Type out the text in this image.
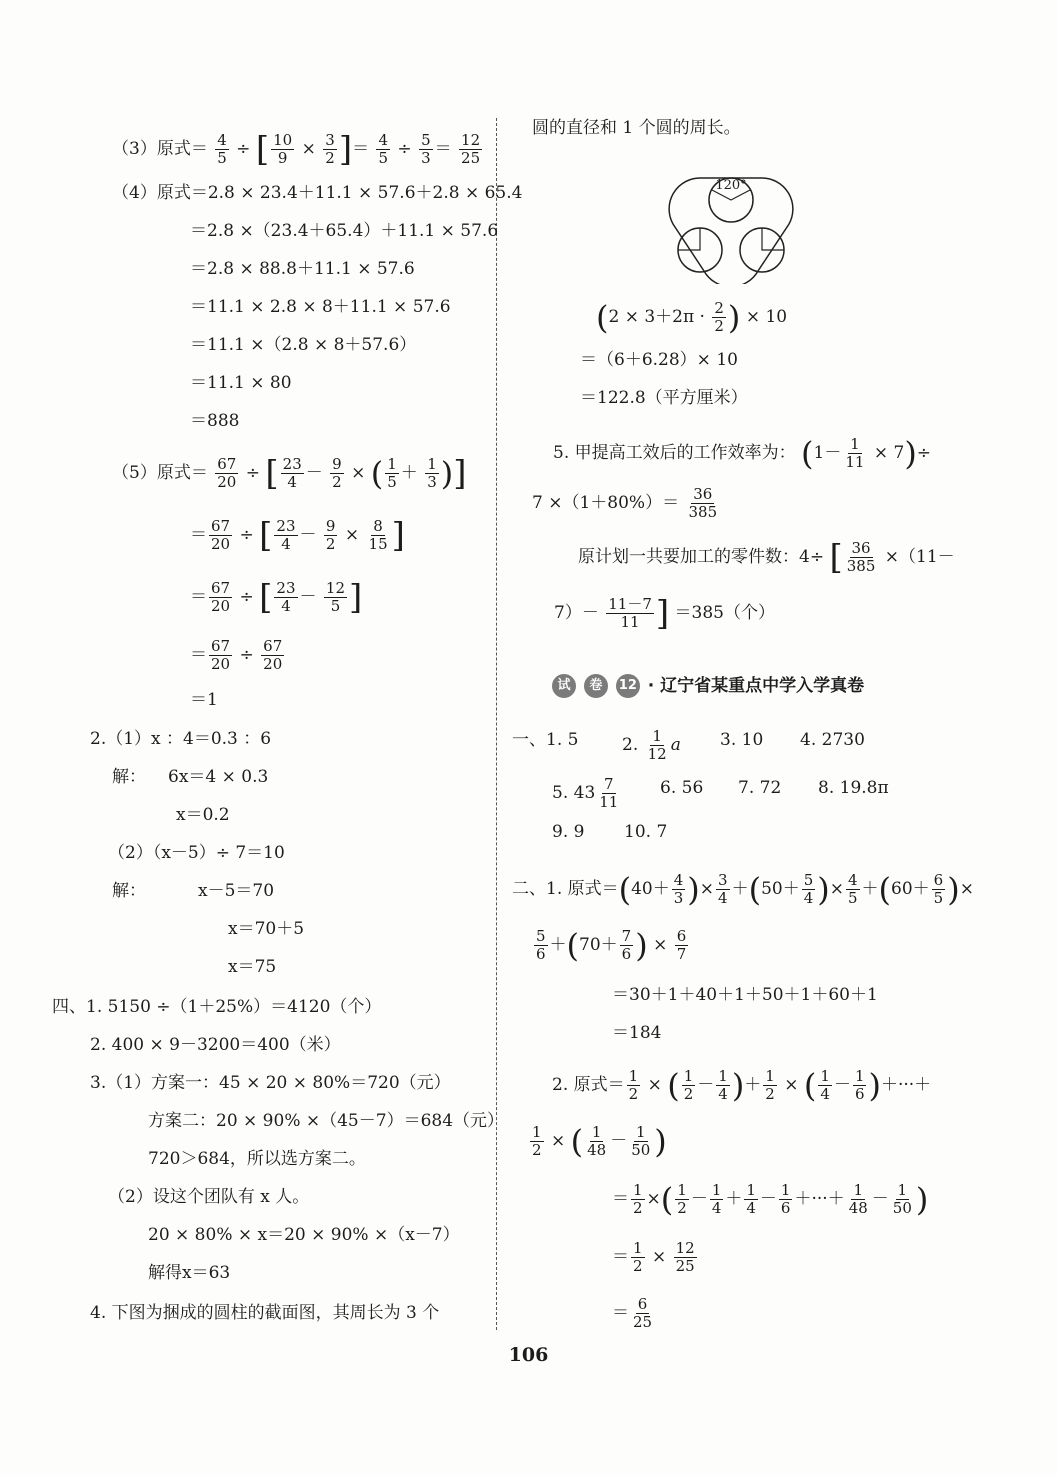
（3）原式＝ $\frac{4}{5}$ ÷ [ $\frac{10}{9} \times \frac{3}{2}$ ]＝ $\frac{4}{5} \div \frac{5}{3} = \frac{12}{25}$
（4）原式＝2.8 × 23.4＋11.1 × 57.6＋2.8 × 65.4
＝2.8 ×（23.4＋65.4）＋11.1 × 57.6
＝2.8 × 88.8＋11.1 × 57.6
＝11.1 × 2.8 × 8＋11.1 × 57.6
＝11.1 ×（2.8 × 8＋57.6）
＝11.1 × 80
＝888
（5）原式＝ $\frac{67}{20}$ ÷ [ $\frac{23}{4} - \frac{9}{2}$ × ( $\frac{1}{5} + \frac{1}{3}$ )]
＝ $\frac{67}{20}$ ÷ [ $\frac{23}{4} - \frac{9}{2} \times \frac{8}{15}$ ]
＝ $\frac{67}{20}$ ÷ [ $\frac{23}{4} - \frac{12}{5}$ ]
＝ $\frac{67}{20} \div \frac{67}{20}$
＝1
2.（1）x ：4＝0.3 ：6
解： 6x＝4 × 0.3
x＝0.2
（2）（x－5）÷ 7＝10
解：	x－5＝70
x＝70＋5
x＝75
四、1. 5150 ÷（1＋25%）＝4120（个）
2. 400 × 9－3200＝400（米）
3.（1）方案一：45 × 20 × 80%＝720（元）
方案二：20 × 90% ×（45－7）＝684（元）
720＞684，所以选方案二。
（2）设这个团队有 x 人。
20 × 80% × x＝20 × 90% ×（x－7）
解得x＝63
4. 下图为捆成的圆柱的截面图，其周长为 3 个
圆的直径和 1 个圆的周长。
120°
($2 \times 3+2\pi \cdot \frac{2}{2}$ ) × 10
＝（6＋6.28）× 10
＝122.8（平方厘米）
5. 甲提高工效后的工作效率为： $(1- \frac{1}{11} \times 7)\div$
$7 \times(1+80\%)= \frac{36}{385}$
原计划一共要加工的零件数：4÷ [ $\frac{36}{385} \times(11-$
$7)- \frac{11-7}{11}$ ] ＝385（个）
试 卷 12 · 辽宁省某重点中学入学真卷
一、1. 5	2. $\frac{1}{12}$ a 3. 10 4. 2730
5. $43 \frac{7}{11} 6$. 56 7. 72 8. 19.8π
9. 9 10. 7
二、1. 原式$=(40+ \frac{4}{3}$ )× $\frac{3}{4} +(50+ \frac{5}{4}$ )× $\frac{4}{5} +(60+ \frac{6}{5}$ )×
$\frac{5}{6} +(70+ \frac{7}{6}$ ) × $\frac{6}{7}$
＝30＋1＋40＋1＋50＋1＋60＋1
＝184
2. 原式＝ $\frac{1}{2}$ × ( $\frac{1}{2} - \frac{1}{4}$ )＋ $\frac{1}{2}$ × ( $\frac{1}{4} - \frac{1}{6}$ )＋···＋
$\frac{1}{2}$ × ( $\frac{1}{48} - \frac{1}{50}$ )
＝ $\frac{1}{2}$ ×( $\frac{1}{2} - \frac{1}{4} + \frac{1}{4} - \frac{1}{6}$ ＋···＋ $\frac{1}{48} - \frac{1}{50}$ )
＝ $\frac{1}{2} \times \frac{12}{25}$
＝ $\frac{6}{25}$
106
